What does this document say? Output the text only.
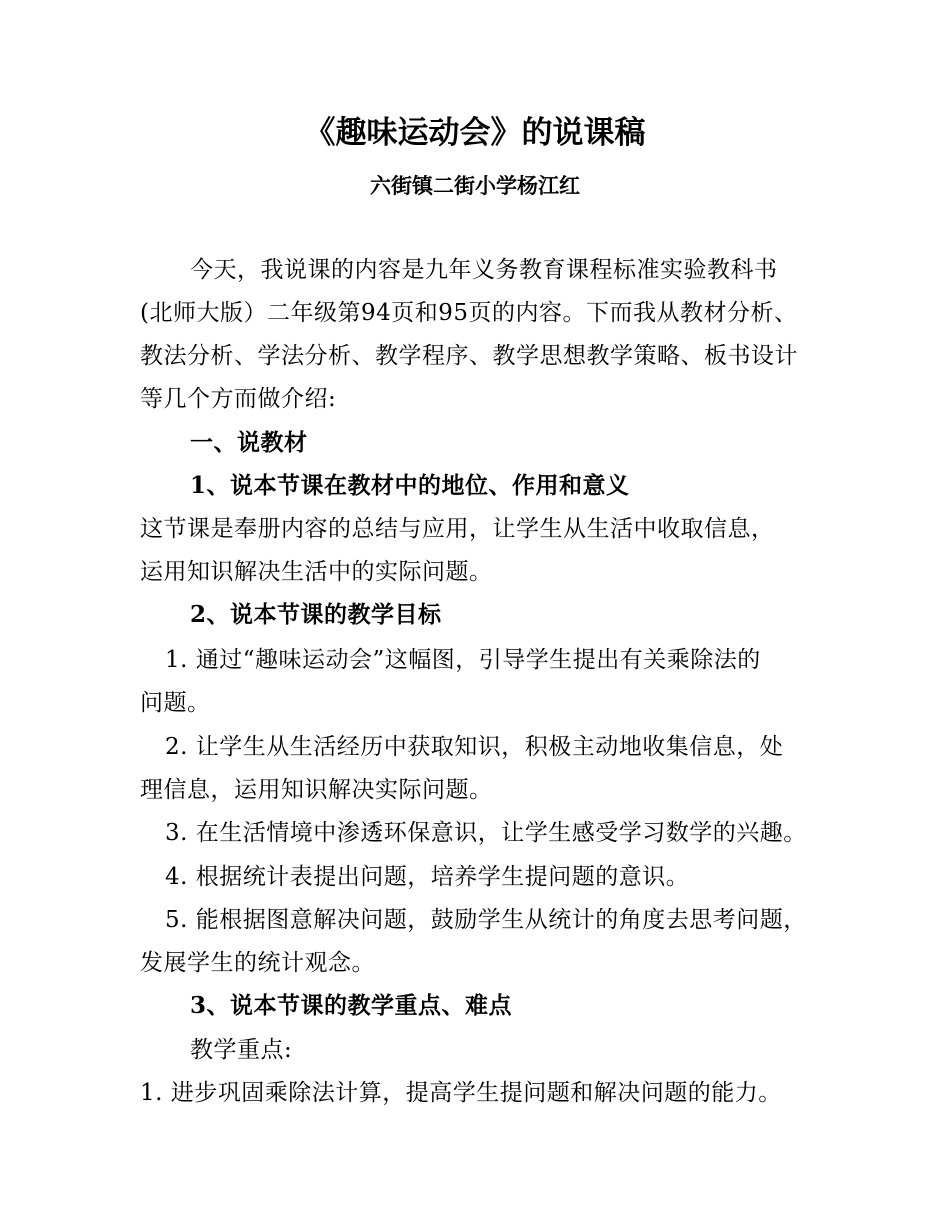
《趣味运动会》的说课稿
六街镇二街小学杨江红
今天，我说课的内容是九年义务教育课程标准实验教科书
(北师大版）二年级第94页和95页的内容。下而我从教材分析、
教法分析、学法分析、教学程序、教学思想教学策略、板书设计
等几个方而做介绍:
一、说教材
1、说本节课在教材中的地位、作用和意义
这节课是奉册内容的总结与应用，让学生从生活中收取信息，
运用知识解决生活中的实际问题。
2、说本节课的教学目标
1. 通过“趣味运动会”这幅图，引导学生提出有关乘除法的
问题。
2. 让学生从生活经历中获取知识，积极主动地收集信息，处
理信息，运用知识解决实际问题。
3. 在生活情境中渗透环保意识，让学生感受学习数学的兴趣。
4. 根据统计表提出问题，培养学生提问题的意识。
5. 能根据图意解决问题，鼓励学生从统计的角度去思考问题，
发展学生的统计观念。
3、说本节课的教学重点、难点
教学重点:
1. 进步巩固乘除法计算，提高学生提问题和解决问题的能力。
